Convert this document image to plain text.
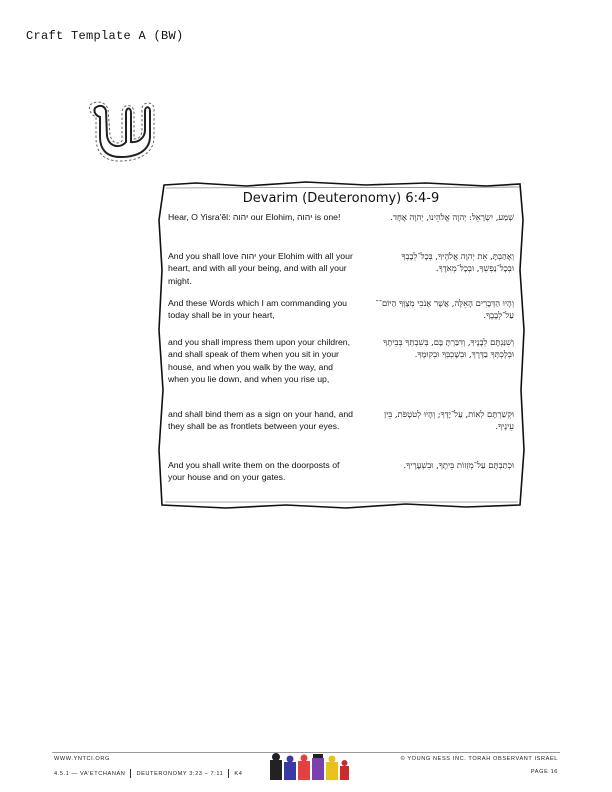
Craft Template A (BW)
Devarim (Deuteronomy) 6:4-9
Hear, O Yisra'ĕl: יהוה our Elohim, יהוה is one!	שְׁמַע, יִשְׂרָאֵל: יְהוָה אֱלֹהֵינוּ, יְהוָה אֶחָד.
And you shall love יהוה your Elohim with all your heart, and with all your being, and with all your might.
וְאָהַבְתָּ, אֵת יְהוָה אֱלֹהֶיךָ, בְּכָל־לְבָבְךָ וּבְכָל־נַפְשְׁךָ, וּבְכָל־מְאֹדֶךָ.
And these Words which I am commanding you today shall be in your heart,
וְהָיוּ הַדְּבָרִים הָאֵלֶּה, אֲשֶׁר אָנֹכִי מְצַוְּךָ הַיּוֹם־־עַל־לְבָבֶךָ.
and you shall impress them upon your children, and shall speak of them when you sit in your house, and when you walk by the way, and when you lie down, and when you rise up,
וְשִׁנַּנְתָּם לְבָנֶיךָ, וְדִבַּרְתָּ בָּם, בְּשִׁבְתְּךָ בְּבֵיתֶךָ וּבְלֶכְתְּךָ בַדֶּרֶךְ, וּבְשָׁכְבְּךָ וּבְקוּמֶךָ.
and shall bind them as a sign on your hand, and they shall be as frontlets between your eyes.
וּקְשַׁרְתָּם לְאוֹת, עַל־יָדֶךָ; וְהָיוּ לְטֹטָפֹת, בֵּין עֵינֶיךָ.
And you shall write them on the doorposts of your house and on your gates.
וּכְתַבְתָּם עַל־מְזֻזוֹת בֵּיתֶךָ, וּבִשְׁעָרֶיךָ.
WWW.YNTCI.ORG
4.5.1 — VA'ETCHANAN DEUTERONOMY 3:23 – 7:11 K4
© YOUNG NESS INC. TORAH OBSERVANT ISRAEL
PAGE 16
